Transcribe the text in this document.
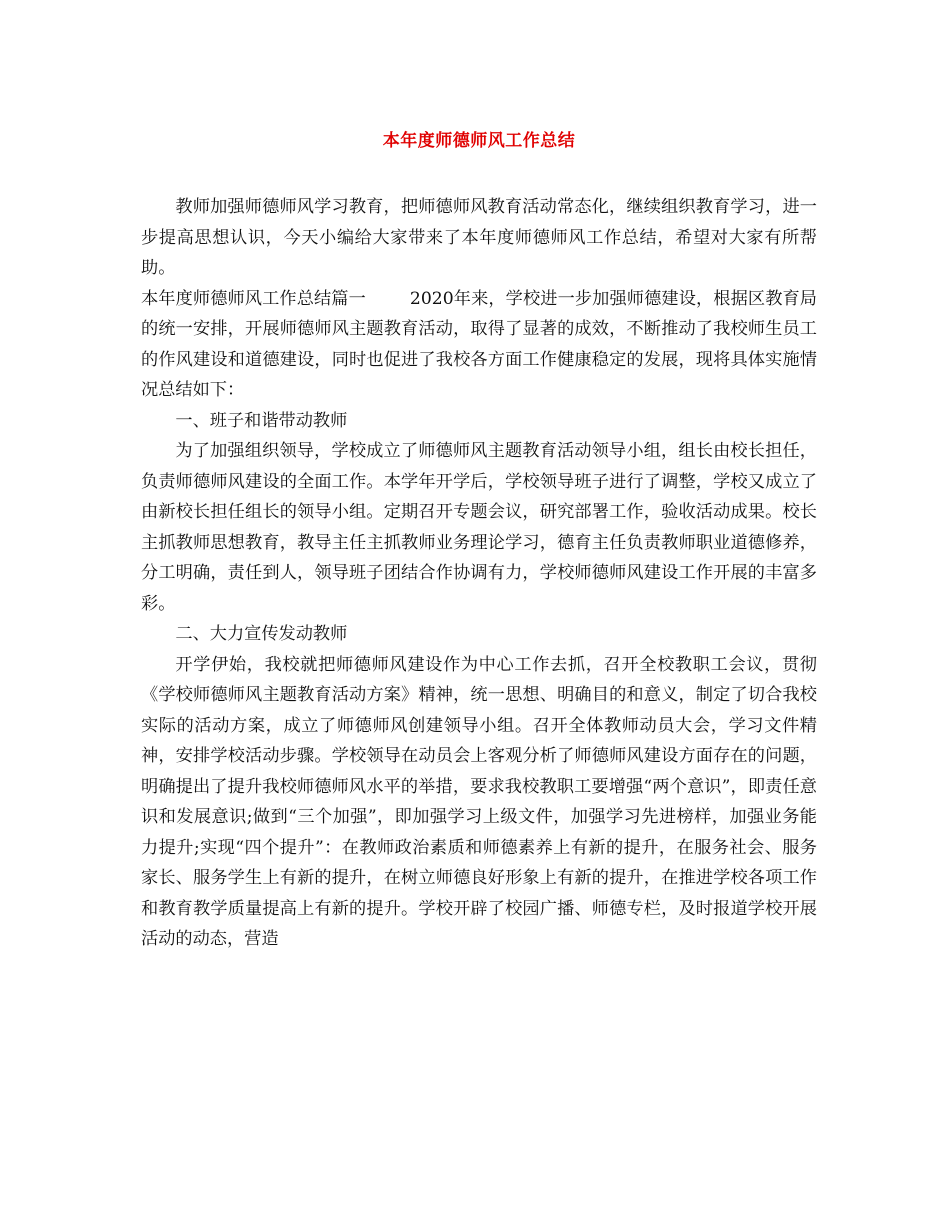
本年度师德师风工作总结

教师加强师德师风学习教育，把师德师风教育活动常态化，继续组织教育学习，进一步提高思想认识，今天小编给大家带来了本年度师德师风工作总结，希望对大家有所帮助。

本年度师德师风工作总结篇一	2020年来，学校进一步加强师德建设，根据区教育局的统一安排，开展师德师风主题教育活动，取得了显著的成效，不断推动了我校师生员工的作风建设和道德建设，同时也促进了我校各方面工作健康稳定的发展，现将具体实施情况总结如下：

一、班子和谐带动教师

为了加强组织领导，学校成立了师德师风主题教育活动领导小组，组长由校长担任，负责师德师风建设的全面工作。本学年开学后，学校领导班子进行了调整，学校又成立了由新校长担任组长的领导小组。定期召开专题会议，研究部署工作，验收活动成果。校长主抓教师思想教育，教导主任主抓教师业务理论学习，德育主任负责教师职业道德修养，分工明确，责任到人，领导班子团结合作协调有力，学校师德师风建设工作开展的丰富多彩。

二、大力宣传发动教师

开学伊始，我校就把师德师风建设作为中心工作去抓，召开全校教职工会议，贯彻《学校师德师风主题教育活动方案》精神，统一思想、明确目的和意义，制定了切合我校实际的活动方案，成立了师德师风创建领导小组。召开全体教师动员大会，学习文件精神，安排学校活动步骤。学校领导在动员会上客观分析了师德师风建设方面存在的问题，明确提出了提升我校师德师风水平的举措，要求我校教职工要增强“两个意识”，即责任意识和发展意识;做到“三个加强”，即加强学习上级文件，加强学习先进榜样，加强业务能力提升;实现“四个提升”：在教师政治素质和师德素养上有新的提升，在服务社会、服务家长、服务学生上有新的提升，在树立师德良好形象上有新的提升，在推进学校各项工作和教育教学质量提高上有新的提升。学校开辟了校园广播、师德专栏，及时报道学校开展活动的动态，营造
